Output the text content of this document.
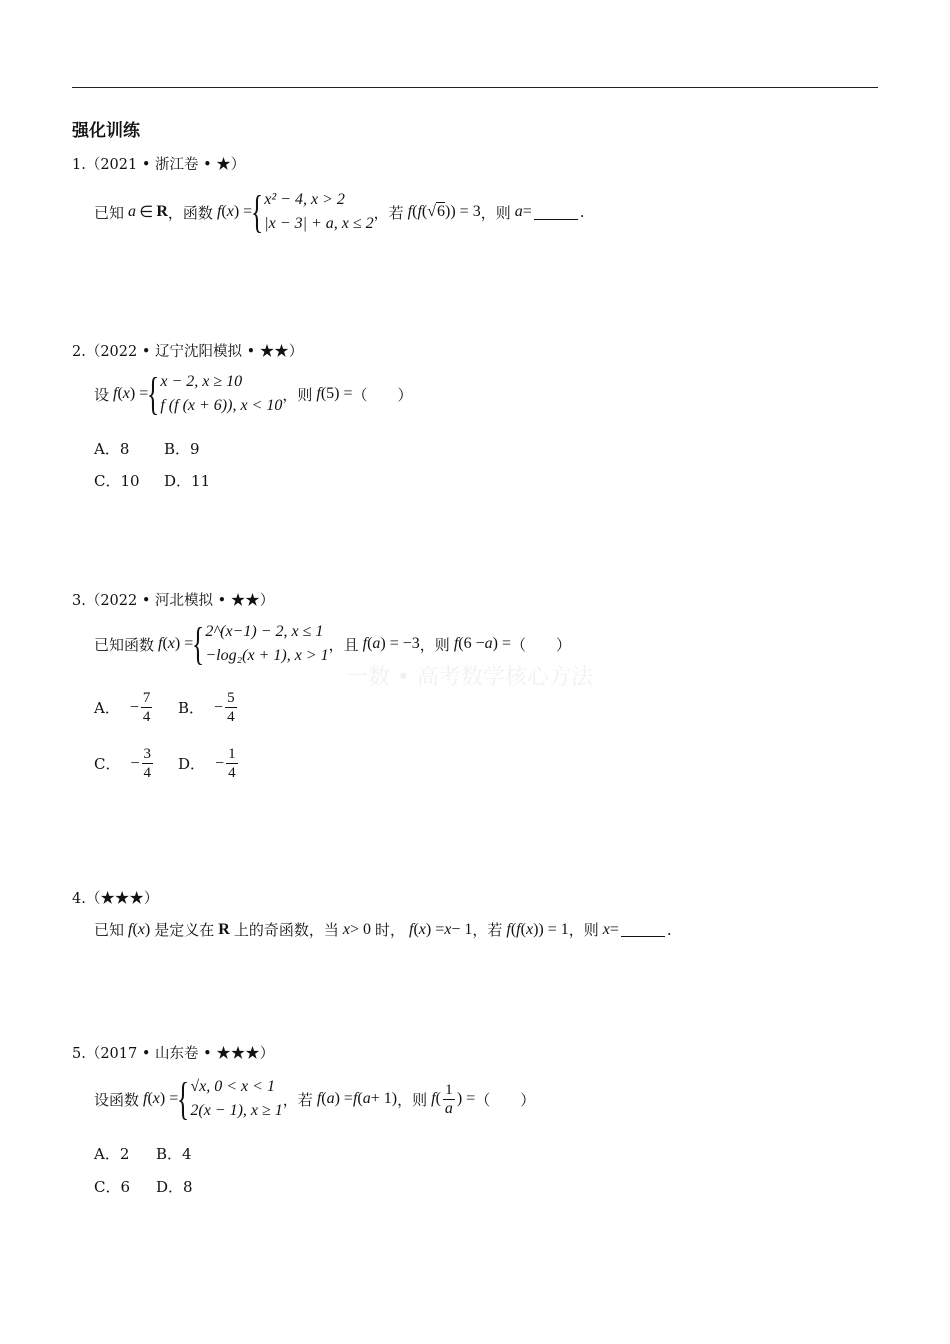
强化训练
一数 • 高考数学核心方法
1.（2021 • 浙江卷 • ★）
已知 a  ∈  R ，函数 f ( x ) =
{ x² − 4, x > 2
|x − 3| + a, x ≤ 2
，若 f ( f (√6)) = 3 ，则 a =	.
2.（2022 • 辽宁沈阳模拟 • ★★）
设 f ( x ) =
{ x − 2, x ≥ 10
f (f (x + 6)), x < 10
，则 f (5) = （　　）
A．8 B．9
C．10 D．11
3.（2022 • 河北模拟 • ★★）
已知函数 f ( x ) =
{ 2^(x−1) − 2, x ≤ 1
−log₂(x + 1), x > 1
，且 f ( a ) = −3 ，则 f (6 − a ) = （　　）
A． − $\frac{7}{4}$ B． − $\frac{5}{4}$
C． − $\frac{3}{4}$ D． − $\frac{1}{4}$
4.（★★★）
已知 f ( x ) 是定义在 R 上的奇函数，当 x > 0 时， f ( x ) = x − 1 ，若 f ( f ( x )) = 1 ，则 x =	.
5.（2017 • 山东卷 • ★★★）
设函数 f ( x ) =
{ √x, 0 < x < 1
2(x − 1), x ≥ 1
，若 f ( a ) = f ( a + 1) ，则 f ( $\frac{1}{a}$ ) = （　　）
A．2 B．4
C．6 D．8
